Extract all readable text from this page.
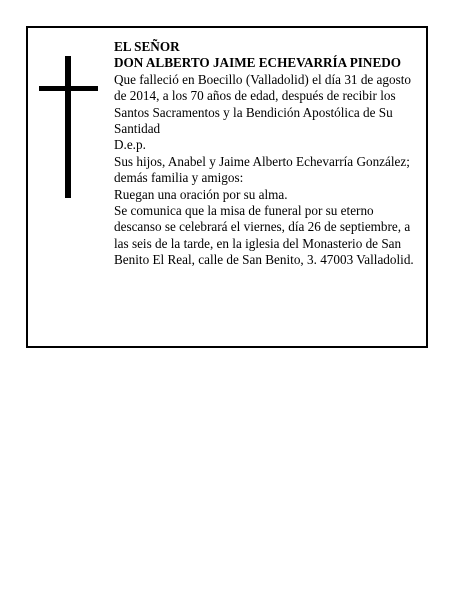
EL SEÑOR

DON ALBERTO JAIME ECHEVARRÍA PINEDO

Que falleció en Boecillo (Valladolid) el día 31 de agosto de 2014, a los 70 años de edad, después de recibir los Santos Sacramentos y la Bendición Apostólica de Su Santidad

D.e.p.

Sus hijos, Anabel y Jaime Alberto Echevarría González; demás familia y amigos:

Ruegan una oración por su alma.

Se comunica que la misa de funeral por su eterno descanso se celebrará el viernes, día 26 de septiembre, a las seis de la tarde, en la iglesia del Monasterio de San Benito El Real, calle de San Benito, 3. 47003 Valladolid.
